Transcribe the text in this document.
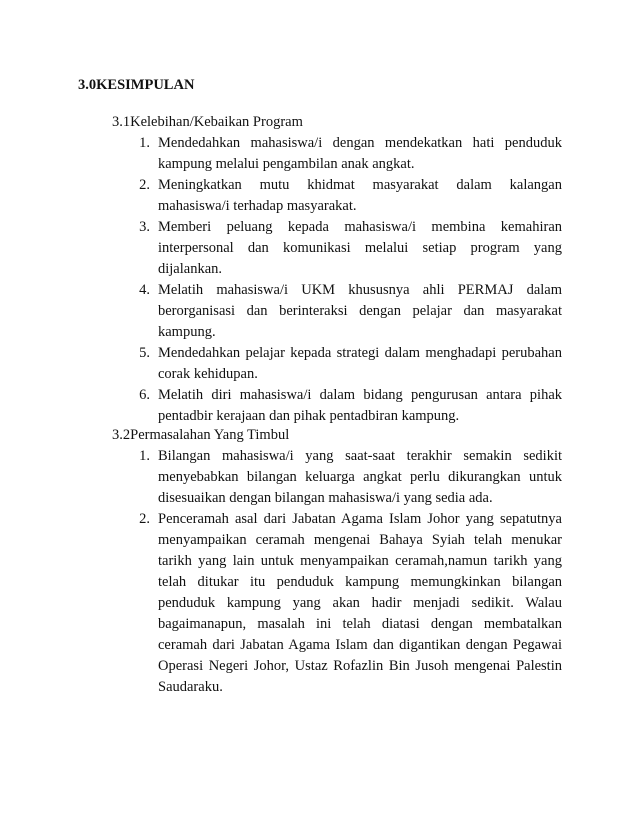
3.0KESIMPULAN

3.1Kelebihan/Kebaikan Program

1. Mendedahkan mahasiswa/i dengan mendekatkan hati penduduk kampung melalui pengambilan anak angkat.
2. Meningkatkan mutu khidmat masyarakat dalam kalangan mahasiswa/i terhadap masyarakat.
3. Memberi peluang kepada mahasiswa/i membina kemahiran interpersonal dan komunikasi melalui setiap program yang dijalankan.
4. Melatih mahasiswa/i UKM khususnya ahli PERMAJ dalam berorganisasi dan berinteraksi dengan pelajar dan masyarakat kampung.
5. Mendedahkan pelajar kepada strategi dalam menghadapi perubahan corak kehidupan.
6. Melatih diri mahasiswa/i dalam bidang pengurusan antara pihak pentadbir kerajaan dan pihak pentadbiran kampung.

3.2Permasalahan Yang Timbul

1. Bilangan mahasiswa/i yang saat-saat terakhir semakin sedikit menyebabkan bilangan keluarga angkat perlu dikurangkan untuk disesuaikan dengan bilangan mahasiswa/i yang sedia ada.
2. Penceramah asal dari Jabatan Agama Islam Johor yang sepatutnya menyampaikan ceramah mengenai Bahaya Syiah telah menukar tarikh yang lain untuk menyampaikan ceramah,namun tarikh yang telah ditukar itu penduduk kampung memungkinkan bilangan penduduk kampung yang akan hadir menjadi sedikit. Walau bagaimanapun, masalah ini telah diatasi dengan membatalkan ceramah dari Jabatan Agama Islam dan digantikan dengan Pegawai Operasi Negeri Johor, Ustaz Rofazlin Bin Jusoh mengenai Palestin Saudaraku.
